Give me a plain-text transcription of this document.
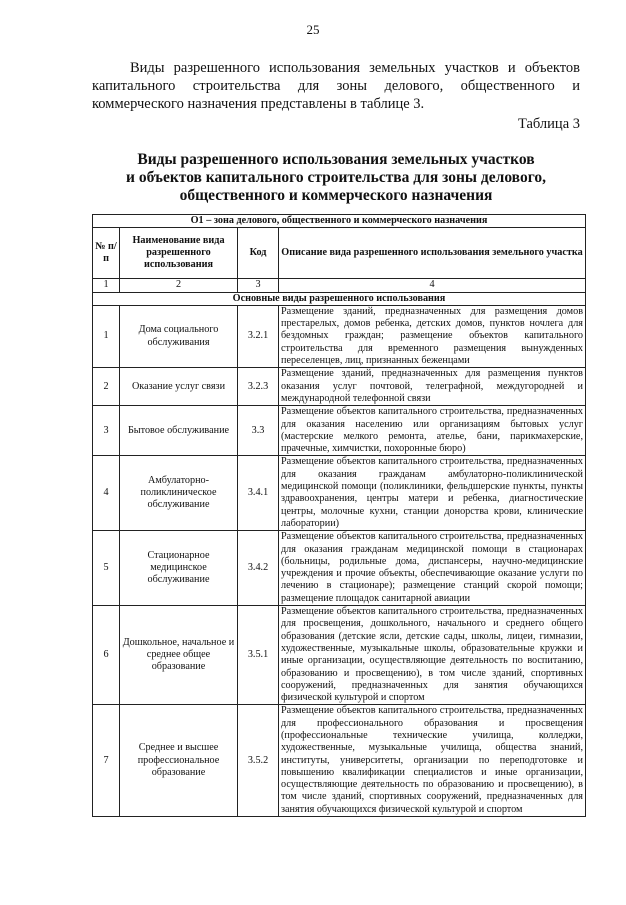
25
Виды разрешенного использования земельных участков и объектов капитального строительства для зоны делового, общественного и коммерческого назначения представлены в таблице 3.
Таблица 3
Виды разрешенного использования земельных участков
и объектов капитального строительства для зоны делового,
общественного и коммерческого назначения
О1 – зона делового, общественного и коммерческого назначения			
№ п/п	Наименование вида разрешенного использования	Код	Описание вида разрешенного использования земельного участка
1	2	3	4
Основные виды разрешенного использования			
1	Дома социального обслуживания	3.2.1	Размещение зданий, предназначенных для размещения домов престарелых, домов ребенка, детских домов, пунктов ночлега для бездомных граждан; размещение объектов капитального строительства для временного размещения вынужденных переселенцев, лиц, признанных беженцами
2	Оказание услуг связи	3.2.3	Размещение зданий, предназначенных для размещения пунктов оказания услуг почтовой, телеграфной, междугородней и международной телефонной связи
3	Бытовое обслуживание	3.3	Размещение объектов капитального строительства, предназначенных для оказания населению или организациям бытовых услуг (мастерские мелкого ремонта, ателье, бани, парикмахерские, прачечные, химчистки, похоронные бюро)
4	Амбулаторно-поликлиническое обслуживание	3.4.1	Размещение объектов капитального строительства, предназначенных для оказания гражданам амбулаторно-поликлинической медицинской помощи (поликлиники, фельдшерские пункты, пункты здравоохранения, центры матери и ребенка, диагностические центры, молочные кухни, станции донорства крови, клинические лаборатории)
5	Стационарное медицинское обслуживание	3.4.2	Размещение объектов капитального строительства, предназначенных для оказания гражданам медицинской помощи в стационарах (больницы, родильные дома, диспансеры, научно-медицинские учреждения и прочие объекты, обеспечивающие оказание услуги по лечению в стационаре); размещение станций скорой помощи; размещение площадок санитарной авиации
6	Дошкольное, начальное и среднее общее образование	3.5.1	Размещение объектов капитального строительства, предназначенных для просвещения, дошкольного, начального и среднего общего образования (детские ясли, детские сады, школы, лицеи, гимназии, художественные, музыкальные школы, образовательные кружки и иные организации, осуществляющие деятельность по воспитанию, образованию и просвещению), в том числе зданий, спортивных сооружений, предназначенных для занятия обучающихся физической культурой и спортом
7	Среднее и высшее профессиональное образование	3.5.2	Размещение объектов капитального строительства, предназначенных для профессионального образования и просвещения (профессиональные технические училища, колледжи, художественные, музыкальные училища, общества знаний, институты, университеты, организации по переподготовке и повышению квалификации специалистов и иные организации, осуществляющие деятельность по образованию и просвещению), в том числе зданий, спортивных сооружений, предназначенных для занятия обучающихся физической культурой и спортом
